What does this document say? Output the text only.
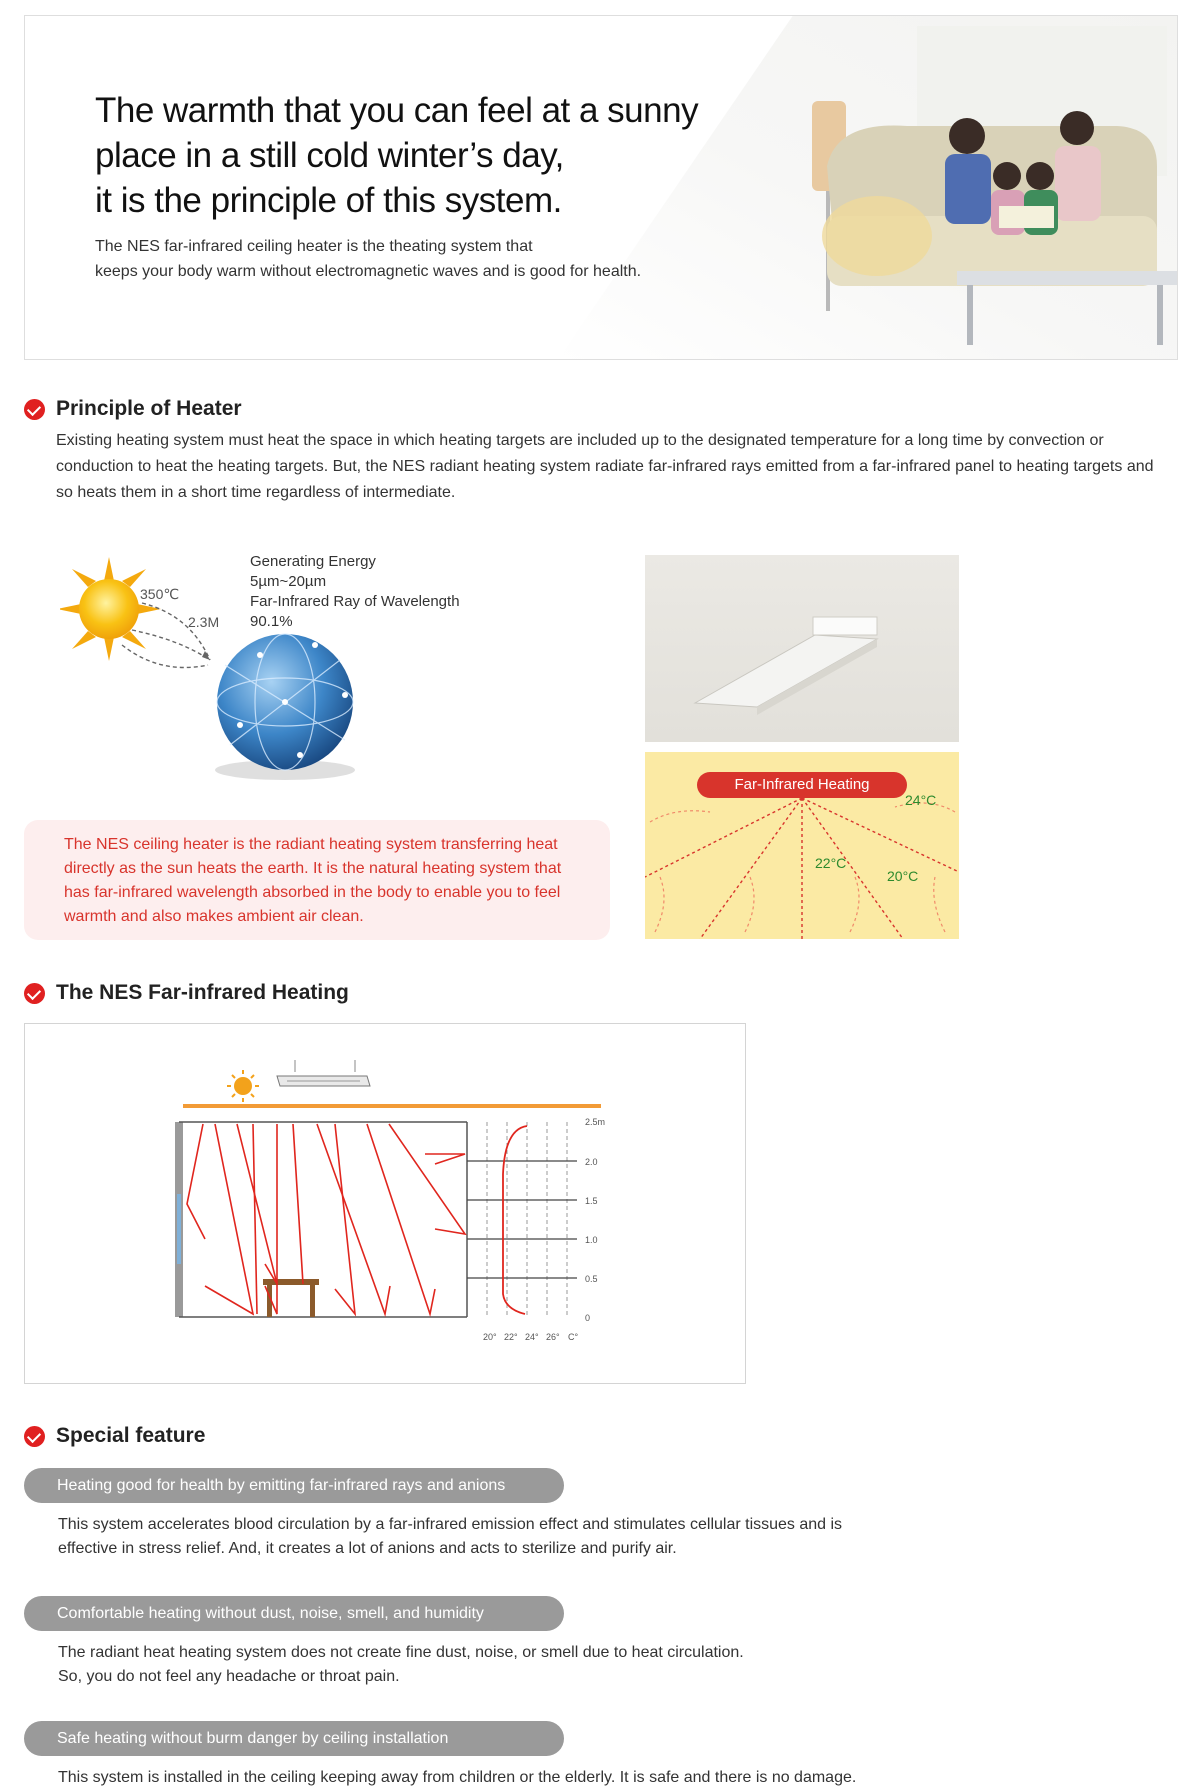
The warmth that you can feel at a sunny
place in a still cold winter’s day,
it is the principle of this system.
The NES far-infrared ceiling heater is the theating system that
keeps your body warm without electromagnetic waves and is good for health.
Principle of Heater

Existing heating system must heat the space in which heating targets are included up to the designated temperature for a long time by convection or conduction to heat the heating targets. But, the NES radiant heating system radiate far-infrared rays emitted from a far-infrared panel to heating targets and so heats them in a short time regardless of intermediate.

350℃
2.3M
Generating Energy
5µm~20µm
Far-Infrared Ray of Wavelength
90.1%

The NES ceiling heater is the radiant heating system transferring heat directly as the sun heats the earth. It is the natural heating system that has far-infrared wavelength absorbed in the body to enable you to feel warmth and also makes ambient air clean.

Far-Infrared Heating
24°C
22°C
20°C
The NES Far-infrared Heating
2.5m
2.0
1.5
1.0
0.5
0
20° 22° 24° 26° C°
Special feature
Heating good for health by emitting far-infrared rays and anions
This system accelerates blood circulation by a far-infrared emission effect and stimulates cellular tissues and is
effective in stress relief. And, it creates a lot of anions and acts to sterilize and purify air.
Comfortable heating without dust, noise, smell, and humidity
The radiant heat heating system does not create fine dust, noise, or smell due to heat circulation.
So, you do not feel any headache or throat pain.
Safe heating without burm danger by ceiling installation
This system is installed in the ceiling keeping away from children or the elderly. It is safe and there is no damage.
